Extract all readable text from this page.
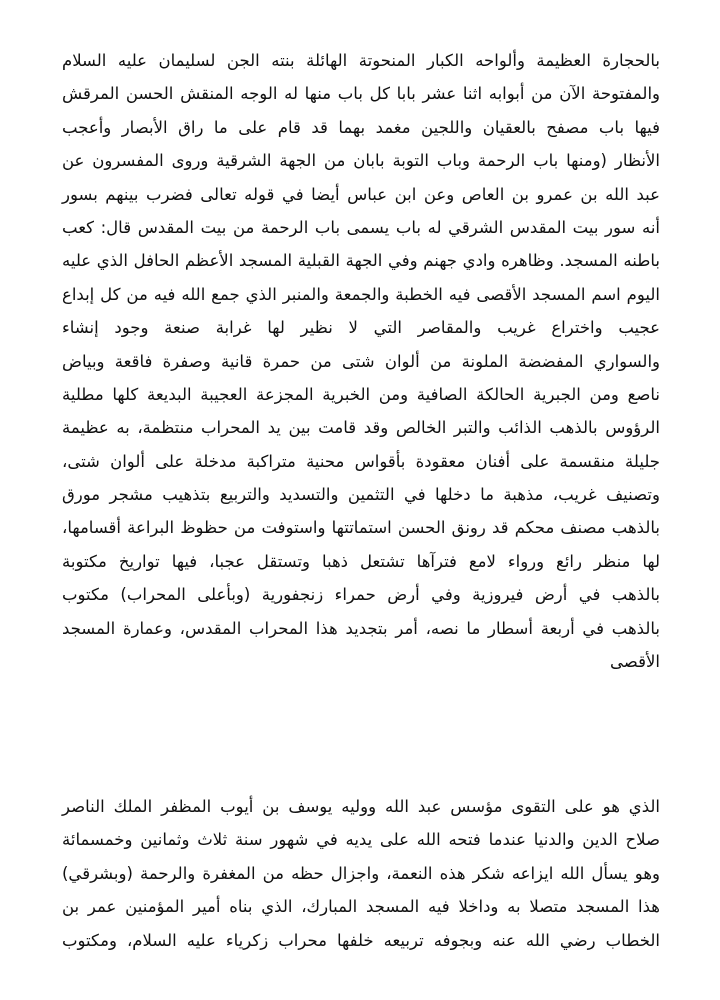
بالحجارة العظيمة وألواحه الكبار المنحوتة الهائلة بنته الجن لسليمان عليه السلام
والمفتوحة الآن من أبوابه اثنا عشر بابا كل باب منها له الوجه المنقش الحسن المرقش
فيها باب مصفح بالعقيان واللجين مغمد بهما قد قام على ما راق الأبصار وأعجب
الأنظار (ومنها باب الرحمة وباب التوبة بابان من الجهة الشرقية وروى المفسرون عن
عبد الله بن عمرو بن العاص وعن ابن عباس أيضا في قوله تعالى فضرب بينهم بسور
أنه سور بيت المقدس الشرقي له باب يسمى باب الرحمة من بيت المقدس قال: كعب
باطنه المسجد. وظاهره وادي جهنم وفي الجهة القبلية المسجد الأعظم الحافل الذي عليه
اليوم اسم المسجد الأقصى فيه الخطبة والجمعة والمنبر الذي جمع الله فيه من كل إبداع
عجيب واختراع غريب والمقاصر التي لا نظير لها غرابة صنعة وجود إنشاء
والسواري المفضضة الملونة من ألوان شتى من حمرة قانية وصفرة فاقعة وبياض
ناصع ومن الجبرية الحالكة الصافية ومن الخبرية المجزعة العجيبة البديعة كلها مطلية
الرؤوس بالذهب الذائب والتبر الخالص وقد قامت بين يد المحراب منتظمة، به عظيمة
جليلة منقسمة على أفنان معقودة بأقواس محنية متراكبة مدخلة على ألوان شتى،
وتصنيف غريب، مذهبة ما دخلها في التثمين والتسديد والتربيع بتذهيب مشجر مورق
بالذهب مصنف محكم قد رونق الحسن استماتتها واستوفت من حظوظ البراعة أقسامها،
لها منظر رائع ورواء لامع فترآها تشتعل ذهبا وتستقل عجبا، فيها تواريخ مكتوبة
بالذهب في أرض فيروزية وفي أرض حمراء زنجفورية (وبأعلى المحراب) مكتوب
بالذهب في أربعة أسطار ما نصه، أمر بتجديد هذا المحراب المقدس، وعمارة المسجد
الأقصى
الذي هو على التقوى مؤسس عبد الله ووليه يوسف بن أيوب المظفر الملك الناصر
صلاح الدين والدنيا عندما فتحه الله على يديه في شهور سنة ثلاث وثمانين وخمسمائة
وهو يسأل الله ايزاعه شكر هذه النعمة، واجزال حظه من المغفرة والرحمة (وبشرقي)
هذا المسجد متصلا به وداخلا فيه المسجد المبارك، الذي بناه أمير المؤمنين عمر بن
الخطاب رضي الله عنه وبجوفه تربيعه خلفها محراب زكرياء عليه السلام، ومكتوب
